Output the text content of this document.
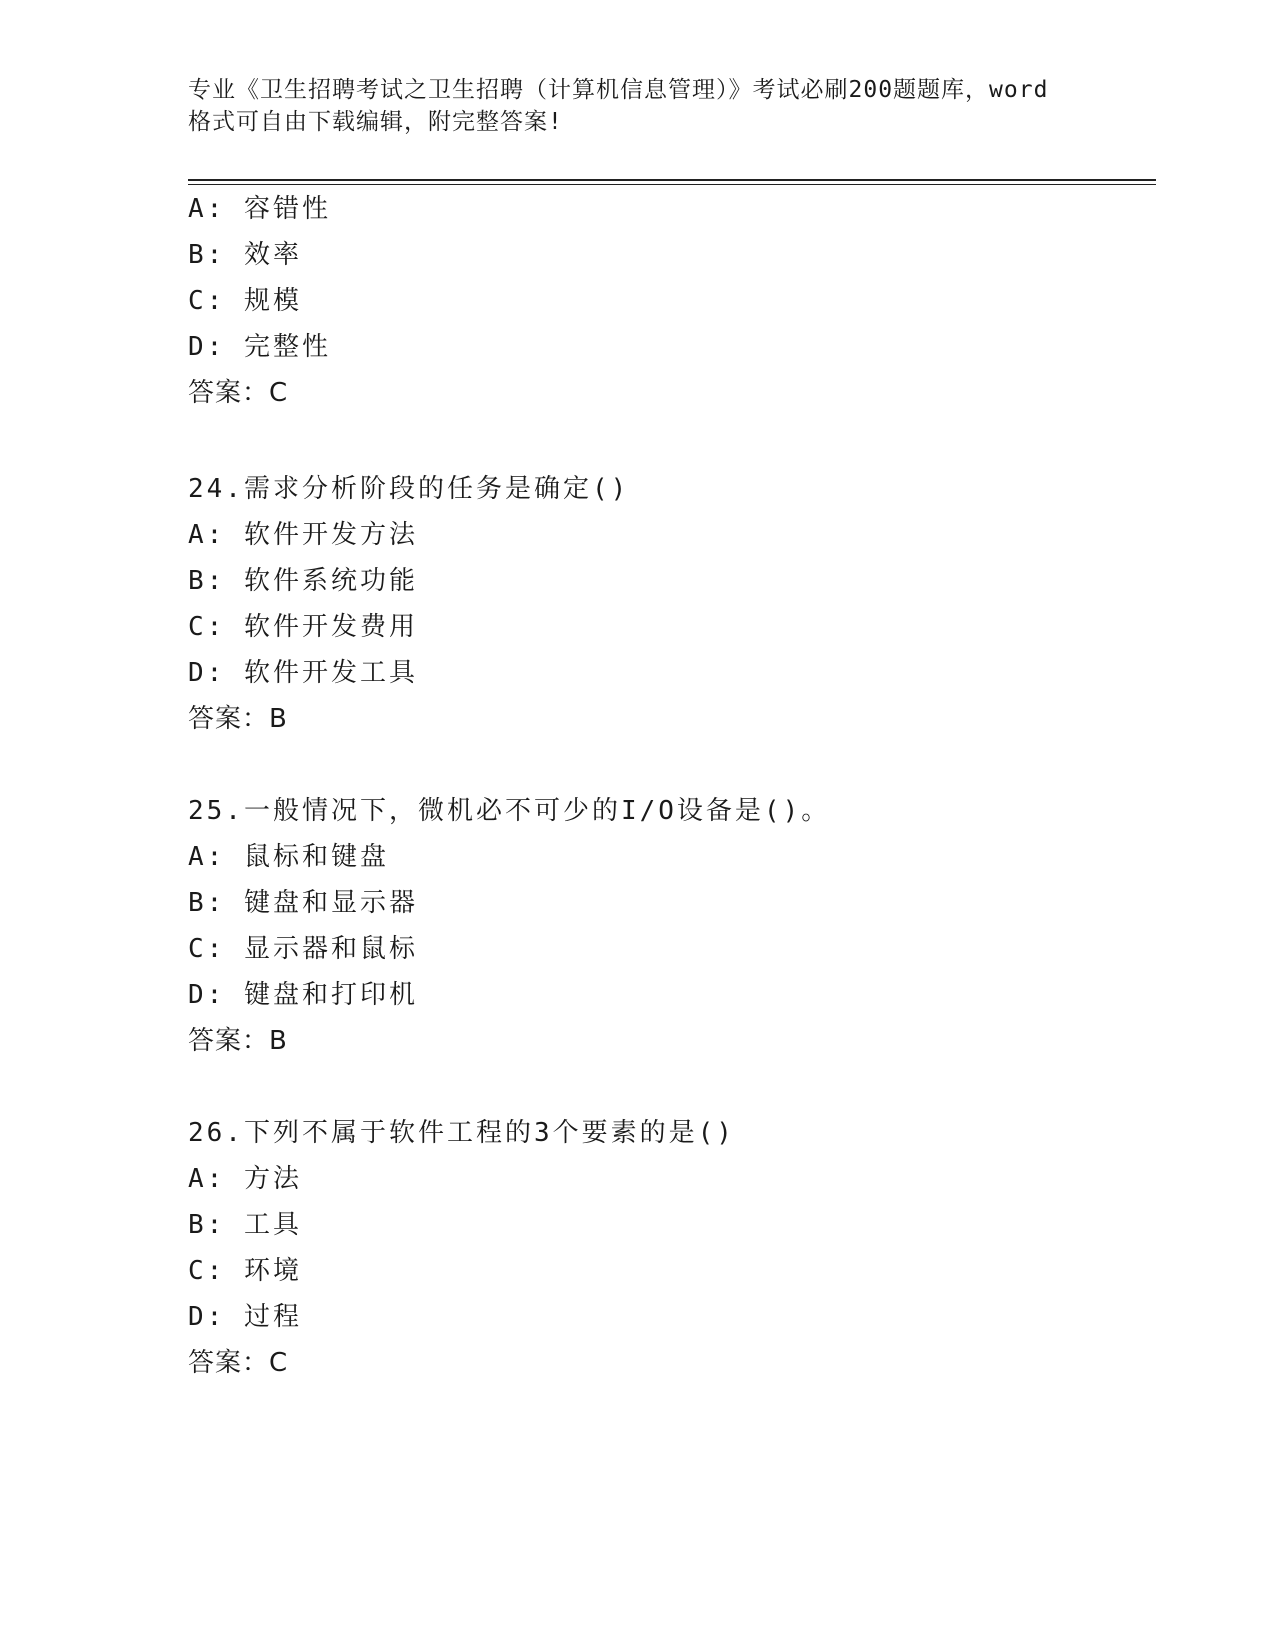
专业《卫生招聘考试之卫生招聘（计算机信息管理）》考试必刷200题题库，word
格式可自由下载编辑，附完整答案!
A: 容错性
B: 效率
C: 规模
D: 完整性
答案：C
24.需求分析阶段的任务是确定()
A: 软件开发方法
B: 软件系统功能
C: 软件开发费用
D: 软件开发工具
答案：B
25.一般情况下，微机必不可少的I/O设备是()。
A: 鼠标和键盘
B: 键盘和显示器
C: 显示器和鼠标
D: 键盘和打印机
答案：B
26.下列不属于软件工程的3个要素的是()
A: 方法
B: 工具
C: 环境
D: 过程
答案：C
